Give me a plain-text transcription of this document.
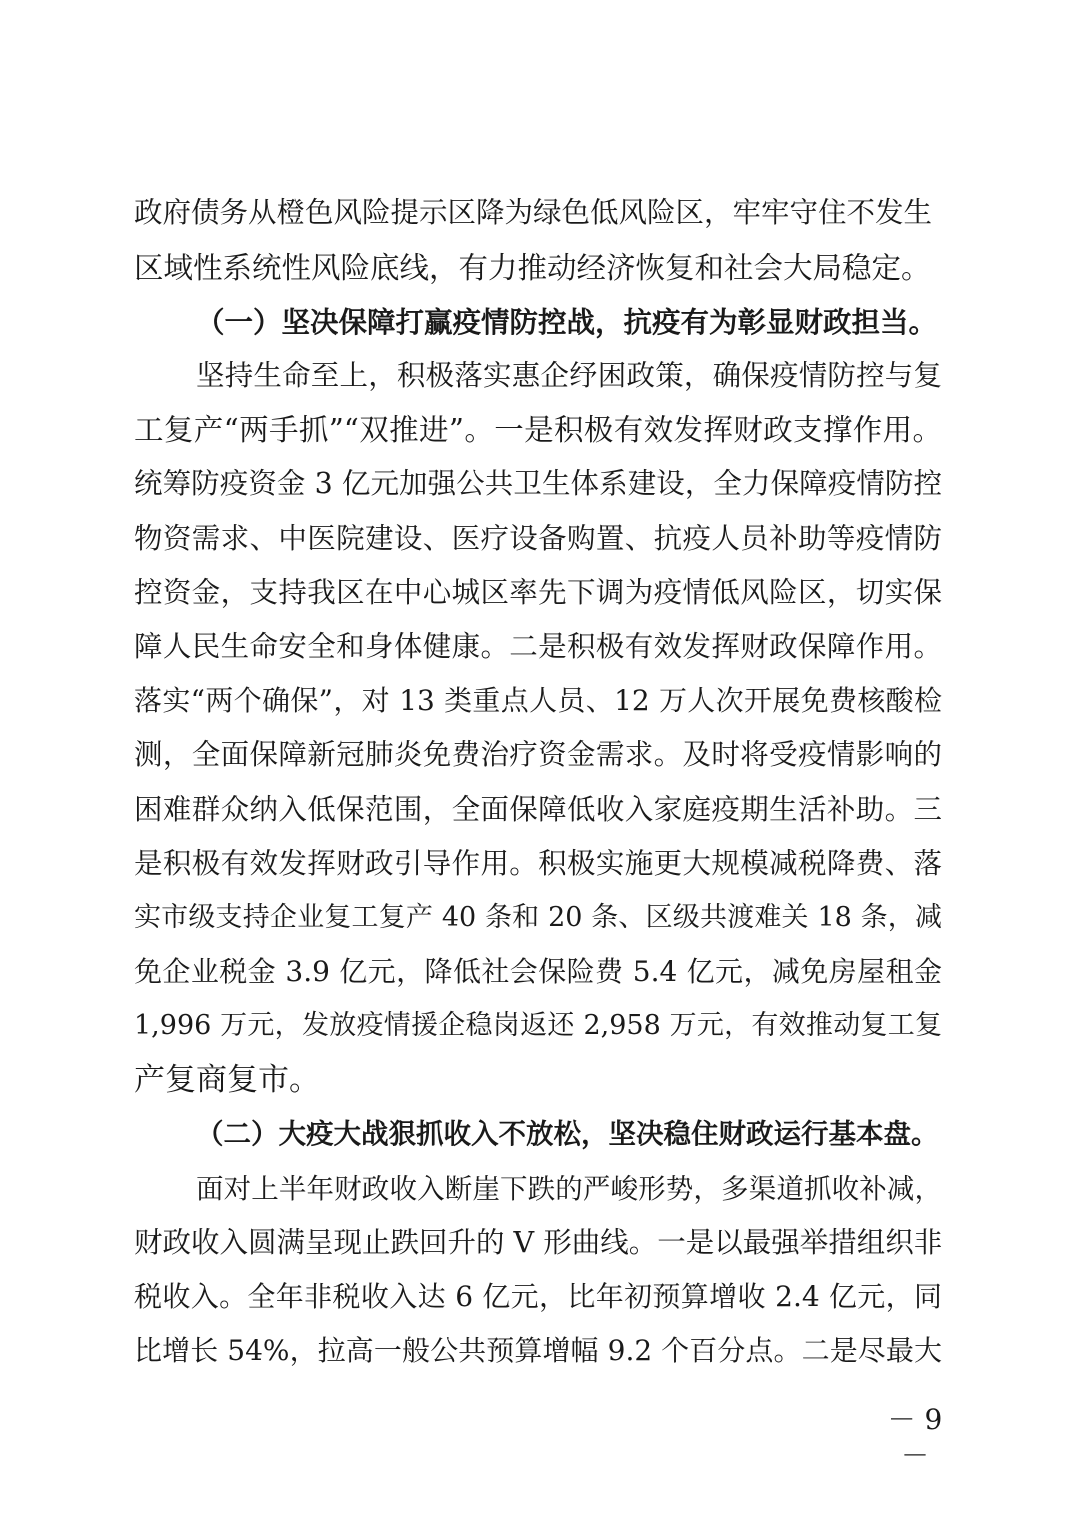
政府债务从橙色风险提示区降为绿色低风险区，牢牢守住不发生
区域性系统性风险底线，有力推动经济恢复和社会大局稳定。
（一）坚决保障打赢疫情防控战，抗疫有为彰显财政担当。
坚持生命至上，积极落实惠企纾困政策，确保疫情防控与复
工复产“两手抓”“双推进”。一是积极有效发挥财政支撑作用。
统筹防疫资金 3 亿元加强公共卫生体系建设，全力保障疫情防控
物资需求、中医院建设、医疗设备购置、抗疫人员补助等疫情防
控资金，支持我区在中心城区率先下调为疫情低风险区，切实保
障人民生命安全和身体健康。二是积极有效发挥财政保障作用。
落实“两个确保”，对 13 类重点人员、12 万人次开展免费核酸检
测，全面保障新冠肺炎免费治疗资金需求。及时将受疫情影响的
困难群众纳入低保范围，全面保障低收入家庭疫期生活补助。三
是积极有效发挥财政引导作用。积极实施更大规模减税降费、落
实市级支持企业复工复产 40 条和 20 条、区级共渡难关 18 条，减
免企业税金 3.9 亿元，降低社会保险费 5.4 亿元，减免房屋租金
1,996 万元，发放疫情援企稳岗返还 2,958 万元，有效推动复工复
产复商复市。
（二）大疫大战狠抓收入不放松，坚决稳住财政运行基本盘。
面对上半年财政收入断崖下跌的严峻形势，多渠道抓收补减，
财政收入圆满呈现止跌回升的 V 形曲线。一是以最强举措组织非
税收入。全年非税收入达 6 亿元，比年初预算增收 2.4 亿元，同
比增长 54%，拉高一般公共预算增幅 9.2 个百分点。二是尽最大
－ 9 －
